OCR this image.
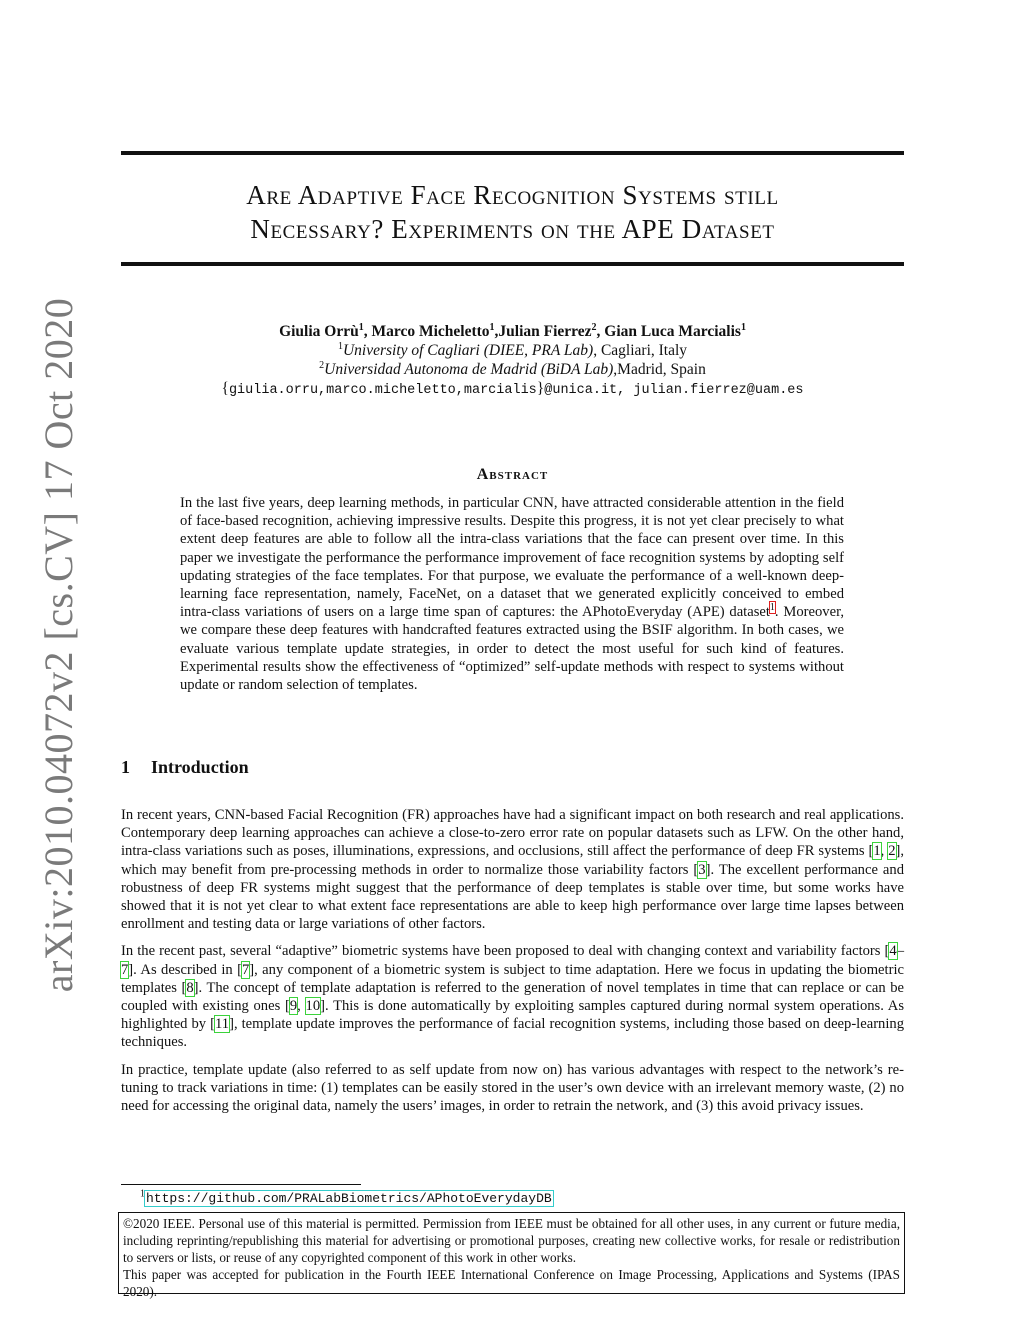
arXiv:2010.04072v2 [cs.CV] 17 Oct 2020
Are Adaptive Face Recognition Systems still
Necessary? Experiments on the APE Dataset
Giulia Orrù$^1$, Marco Micheletto$^1$,Julian Fierrez$^2$, Gian Luca Marcialis$^1$
$^1$University of Cagliari (DIEE, PRA Lab), Cagliari, Italy
$^2$Universidad Autonoma de Madrid (BiDA Lab),Madrid, Spain
{giulia.orru,marco.micheletto,marcialis}@unica.it, julian.fierrez@uam.es
Abstract
In the last five years, deep learning methods, in particular CNN, have attracted considerable attention in the field of face-based recognition, achieving impressive results. Despite this progress, it is not yet clear precisely to what extent deep features are able to follow all the intra-class variations that the face can present over time. In this paper we investigate the performance the performance improvement of face recognition systems by adopting self updating strategies of the face templates. For that purpose, we evaluate the performance of a well-known deep-learning face representation, namely, FaceNet, on a dataset that we generated explicitly conceived to embed intra-class variations of users on a large time span of captures: the APhotoEveryday (APE) dataset$^1$. Moreover, we compare these deep features with handcrafted features extracted using the BSIF algorithm. In both cases, we evaluate various template update strategies, in order to detect the most useful for such kind of features. Experimental results show the effectiveness of “optimized” self-update methods with respect to systems without update or random selection of templates.
1 Introduction

In recent years, CNN-based Facial Recognition (FR) approaches have had a significant impact on both research and real applications. Contemporary deep learning approaches can achieve a close-to-zero error rate on popular datasets such as LFW. On the other hand, intra-class variations such as poses, illuminations, expressions, and occlusions, still affect the performance of deep FR systems [1, 2], which may benefit from pre-processing methods in order to normalize those variability factors [3]. The excellent performance and robustness of deep FR systems might suggest that the performance of deep templates is stable over time, but some works have showed that it is not yet clear to what extent face representations are able to keep high performance over large time lapses between enrollment and testing data or large variations of other factors.

In the recent past, several “adaptive” biometric systems have been proposed to deal with changing context and variability factors [4–7]. As described in [7], any component of a biometric system is subject to time adaptation. Here we focus in updating the biometric templates [8]. The concept of template adaptation is referred to the generation of novel templates in time that can replace or can be coupled with existing ones [9, 10]. This is done automatically by exploiting samples captured during normal system operations. As highlighted by [11], template update improves the performance of facial recognition systems, including those based on deep-learning techniques.

In practice, template update (also referred to as self update from now on) has various advantages with respect to the network’s re-tuning to track variations in time: (1) templates can be easily stored in the user’s own device with an irrelevant memory waste, (2) no need for accessing the original data, namely the users’ images, in order to retrain the network, and (3) this avoid privacy issues.

$^1$https://github.com/PRALabBiometrics/APhotoEverydayDB

©2020 IEEE. Personal use of this material is permitted. Permission from IEEE must be obtained for all other uses, in any current or future media, including reprinting/republishing this material for advertising or promotional purposes, creating new collective works, for resale or redistribution to servers or lists, or reuse of any copyrighted component of this work in other works.

This paper was accepted for publication in the Fourth IEEE International Conference on Image Processing, Applications and Systems (IPAS 2020).
